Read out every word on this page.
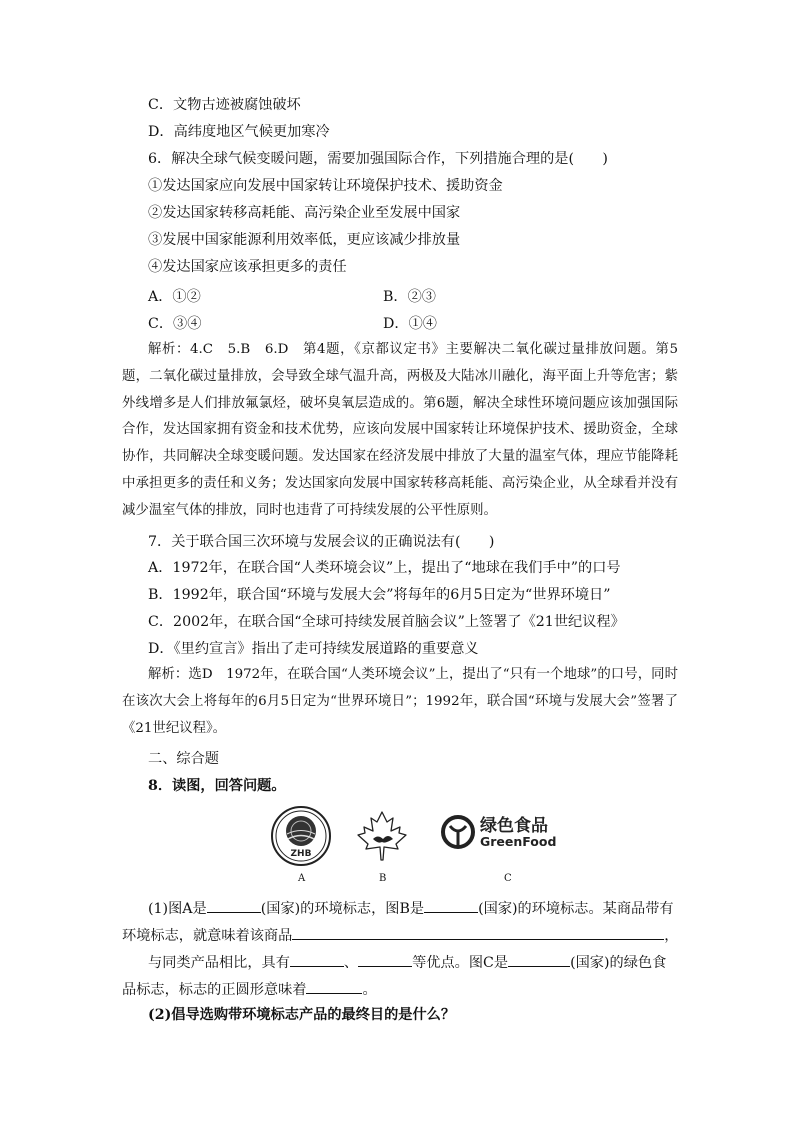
C．文物古迹被腐蚀破坏
D．高纬度地区气候更加寒冷
6．解决全球气候变暖问题，需要加强国际合作，下列措施合理的是(　　)
①发达国家应向发展中国家转让环境保护技术、援助资金
②发达国家转移高耗能、高污染企业至发展中国家
③发展中国家能源利用效率低，更应该减少排放量
④发达国家应该承担更多的责任
A．①②	B．②③
C．③④	D．①④
解析：4.C　5.B　6.D　第4题，《京都议定书》主要解决二氧化碳过量排放问题。第5题，二氧化碳过量排放，会导致全球气温升高，两极及大陆冰川融化，海平面上升等危害；紫外线增多是人们排放氟氯烃，破坏臭氧层造成的。第6题，解决全球性环境问题应该加强国际合作，发达国家拥有资金和技术优势，应该向发展中国家转让环境保护技术、援助资金，全球协作，共同解决全球变暖问题。发达国家在经济发展中排放了大量的温室气体，理应节能降耗中承担更多的责任和义务；发达国家向发展中国家转移高耗能、高污染企业，从全球看并没有减少温室气体的排放，同时也违背了可持续发展的公平性原则。
7．关于联合国三次环境与发展会议的正确说法有(　　)
A．1972年，在联合国“人类环境会议”上，提出了“地球在我们手中”的口号
B．1992年，联合国“环境与发展大会”将每年的6月5日定为“世界环境日”
C．2002年，在联合国“全球可持续发展首脑会议”上签署了《21世纪议程》
D．《里约宣言》指出了走可持续发展道路的重要意义
解析：选D　1972年，在联合国“人类环境会议”上，提出了“只有一个地球”的口号，同时在该次大会上将每年的6月5日定为“世界环境日”；1992年，联合国“环境与发展大会”签署了《21世纪议程》。
二、综合题
8．读图，回答问题。
ZHB
绿色食品
GreenFood
A	B	C
(1)图A是	(国家)的环境标志，图B是	(国家)的环境标志。某商品带有
环境标志，就意味着该商品	，
与同类产品相比，具有	、	等优点。图C是	(国家)的绿色食
品标志，标志的正圆形意味着	。
(2)倡导选购带环境标志产品的最终目的是什么？
